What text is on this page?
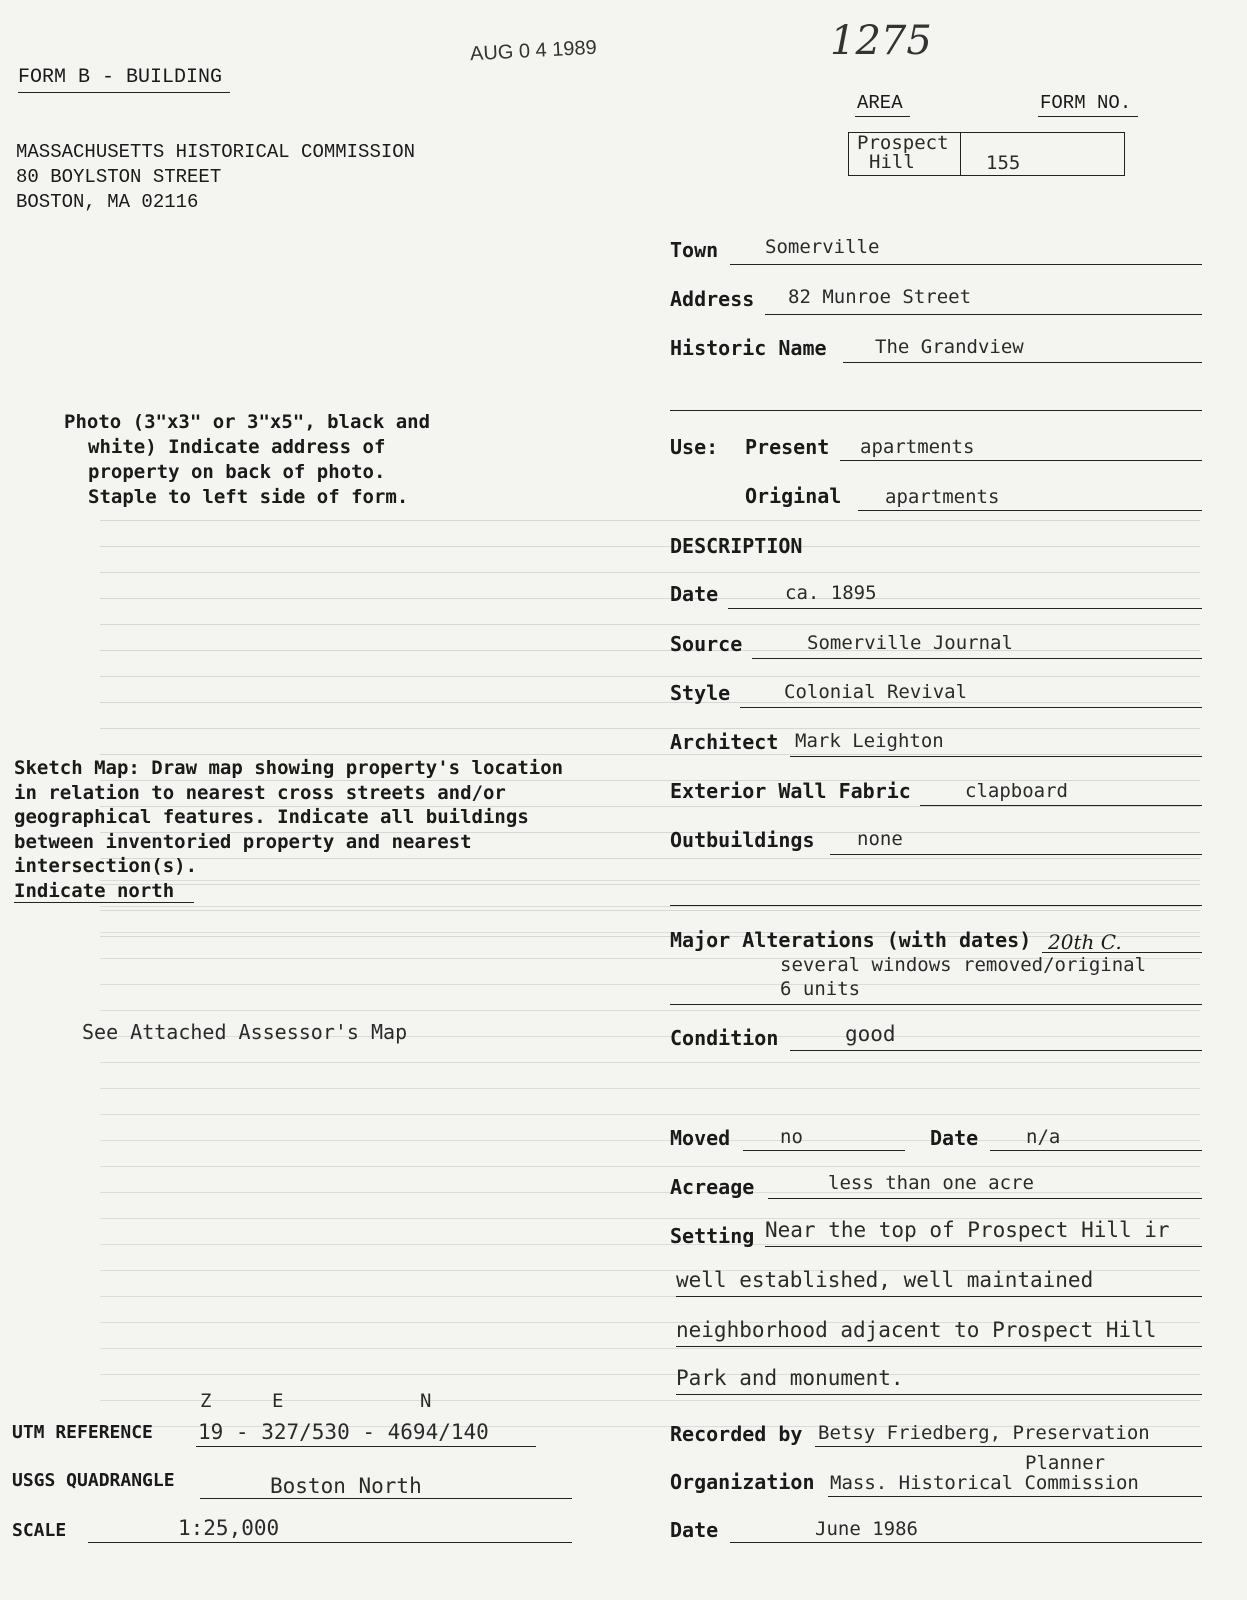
AUG 0 4 1989	1275
FORM B - BUILDING
MASSACHUSETTS HISTORICAL COMMISSION
80 BOYLSTON STREET
BOSTON, MA 02116
AREA	FORM NO.
Prospect
Hill	155
Photo (3"x3" or 3"x5", black and
white) Indicate address of
property on back of photo.
Staple to left side of form.
Sketch Map: Draw map showing property's location
in relation to nearest cross streets and/or
geographical features. Indicate all buildings
between inventoried property and nearest
intersection(s).
Indicate north
See Attached Assessor's Map
Town Somerville
Address 82 Munroe Street
Historic Name	The Grandview
Use: Present apartments
Original apartments
DESCRIPTION
Date	ca. 1895
Source	Somerville Journal
Style	Colonial Revival
Architect Mark Leighton
Exterior Wall Fabric	clapboard
Outbuildings none
Major Alterations (with dates) 20th C.
several windows removed/original
6 units
Condition	good
Moved	no	Date	n/a
Acreage	less than one acre
Setting Near the top of Prospect Hill ir
well established, well maintained
neighborhood adjacent to Prospect Hill
Park and monument.
Recorded by Betsy Friedberg, Preservation
Planner
Organization Mass. Historical Commission
Date	June 1986
Z	E	N
UTM REFERENCE 19 - 327/530 - 4694/140
USGS QUADRANGLE	Boston North
SCALE	1:25,000
